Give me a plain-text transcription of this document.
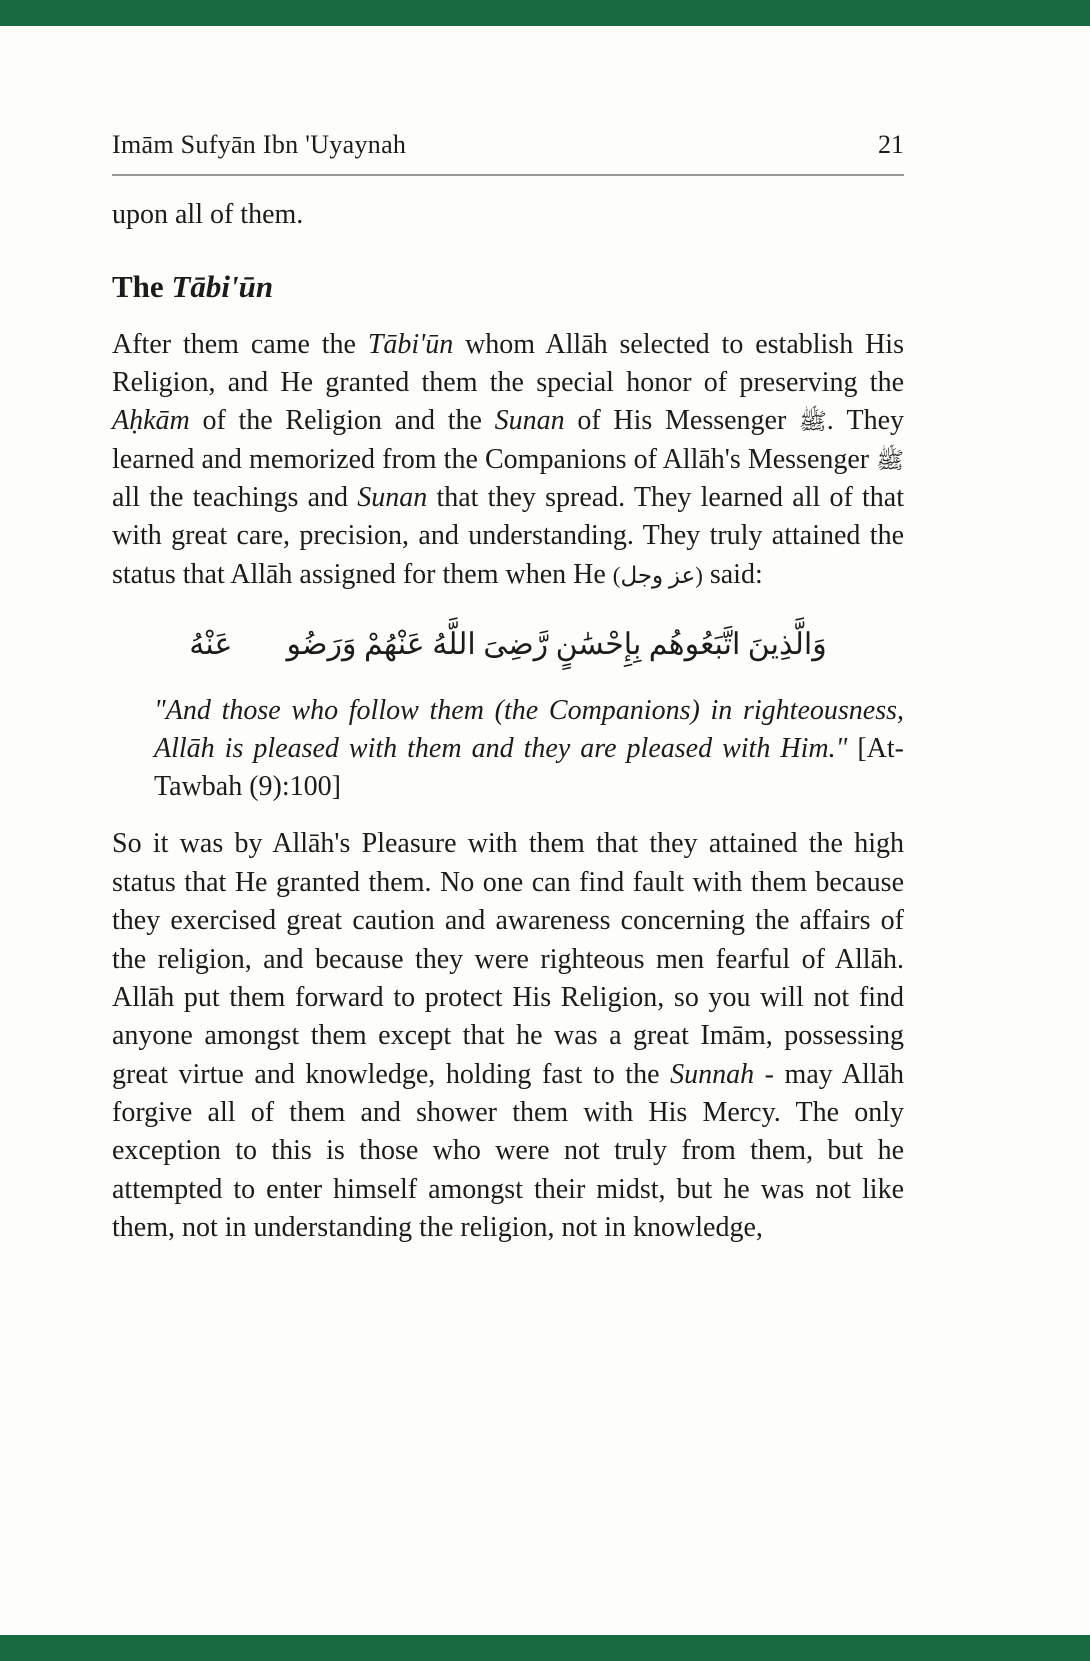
Imām Sufyān Ibn 'Uyaynah	21

upon all of them.

The Tābi'ūn

After them came the Tābi'ūn whom Allāh selected to establish His Religion, and He granted them the special honor of preserving the Aḥkām of the Religion and the Sunan of His Messenger ﷺ. They learned and memorized from the Companions of Allāh's Messenger ﷺ all the teachings and Sunan that they spread. They learned all of that with great care, precision, and understanding. They truly attained the status that Allāh assigned for them when He (عز وجل) said:

﴿وَالَّذِينَ اتَّبَعُوهُم بِإِحْسَٰنٍ رَّضِىَ اللَّهُ عَنْهُمْ وَرَضُوا۟ عَنْهُ﴾

"And those who follow them (the Companions) in righteousness, Allāh is pleased with them and they are pleased with Him." [At-Tawbah (9):100]

So it was by Allāh's Pleasure with them that they attained the high status that He granted them. No one can find fault with them because they exercised great caution and awareness concerning the affairs of the religion, and because they were righteous men fearful of Allāh. Allāh put them forward to protect His Religion, so you will not find anyone amongst them except that he was a great Imām, possessing great virtue and knowledge, holding fast to the Sunnah - may Allāh forgive all of them and shower them with His Mercy. The only exception to this is those who were not truly from them, but he attempted to enter himself amongst their midst, but he was not like them, not in understanding the religion, not in knowledge,
